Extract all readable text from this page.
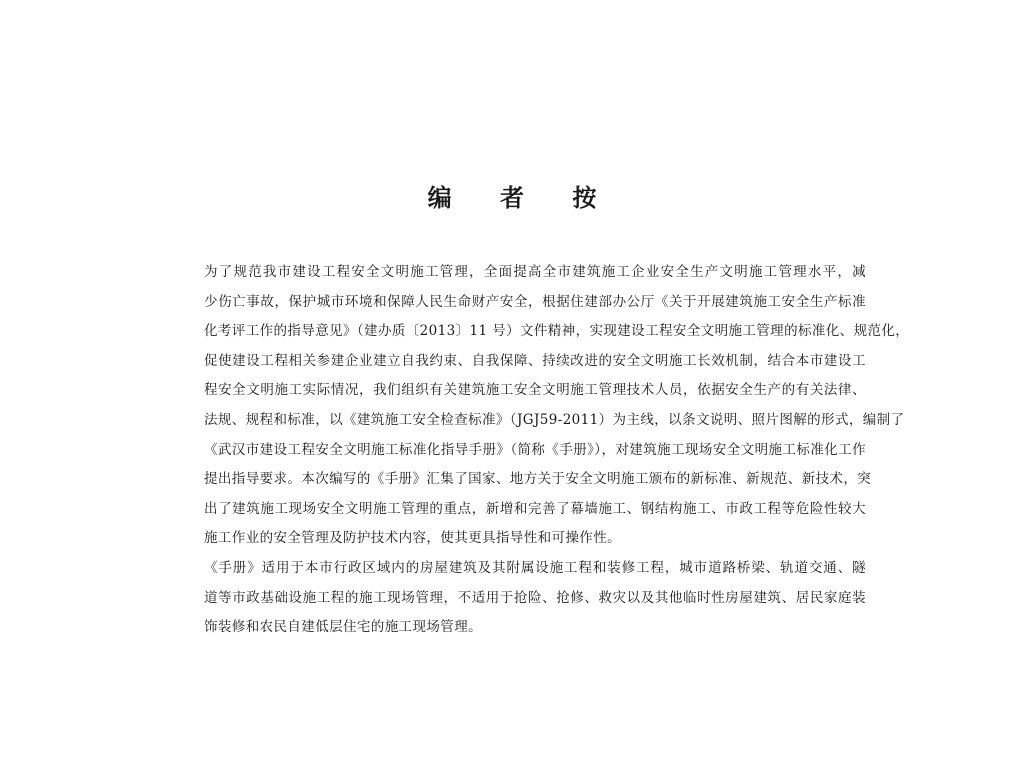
编 者 按
为了规范我市建设工程安全文明施工管理，全面提高全市建筑施工企业安全生产文明施工管理水平，减
少伤亡事故，保护城市环境和保障人民生命财产安全，根据住建部办公厅《关于开展建筑施工安全生产标准
化考评工作的指导意见》（建办质〔2013〕11 号）文件精神，实现建设工程安全文明施工管理的标准化、规范化，
促使建设工程相关参建企业建立自我约束、自我保障、持续改进的安全文明施工长效机制，结合本市建设工
程安全文明施工实际情况，我们组织有关建筑施工安全文明施工管理技术人员，依据安全生产的有关法律、
法规、规程和标准，以《建筑施工安全检查标准》（JGJ59-2011）为主线，以条文说明、照片图解的形式，编制了
《武汉市建设工程安全文明施工标准化指导手册》（简称《手册》），对建筑施工现场安全文明施工标准化工作
提出指导要求。本次编写的《手册》汇集了国家、地方关于安全文明施工颁布的新标准、新规范、新技术，突
出了建筑施工现场安全文明施工管理的重点，新增和完善了幕墙施工、钢结构施工、市政工程等危险性较大
施工作业的安全管理及防护技术内容，使其更具指导性和可操作性。
《手册》适用于本市行政区域内的房屋建筑及其附属设施工程和装修工程，城市道路桥梁、轨道交通、隧
道等市政基础设施工程的施工现场管理，不适用于抢险、抢修、救灾以及其他临时性房屋建筑、居民家庭装
饰装修和农民自建低层住宅的施工现场管理。
